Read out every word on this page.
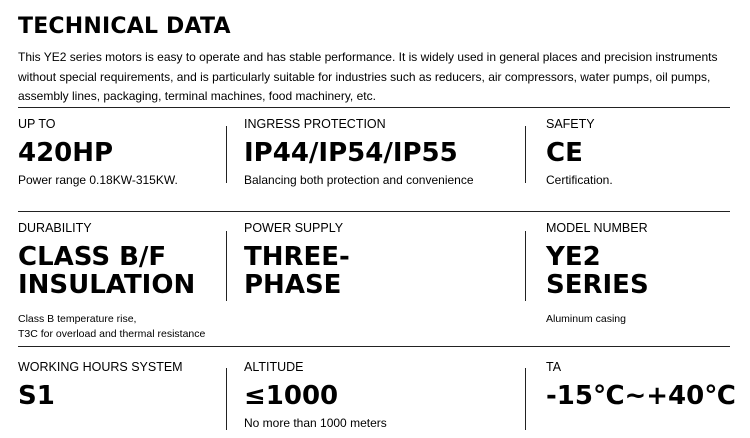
TECHNICAL DATA

This YE2 series motors is easy to operate and has stable performance. It is widely used in general places and precision instruments without special requirements, and is particularly suitable for industries such as reducers, air compressors, water pumps, oil pumps, assembly lines, packaging, terminal machines, food machinery, etc.

UP TO
420HP
Power range 0.18KW-315KW.
INGRESS PROTECTION
IP44/IP54/IP55
Balancing both protection and convenience
SAFETY
CE
Certification.
DURABILITY
CLASS B/F
INSULATION
Class B temperature rise,
T3C for overload and thermal resistance
POWER SUPPLY
THREE-
PHASE
MODEL NUMBER
YE2
SERIES
Aluminum casing
WORKING HOURS SYSTEM
S1
ALTITUDE
≤1000
No more than 1000 meters
TA
-15℃~+40℃
